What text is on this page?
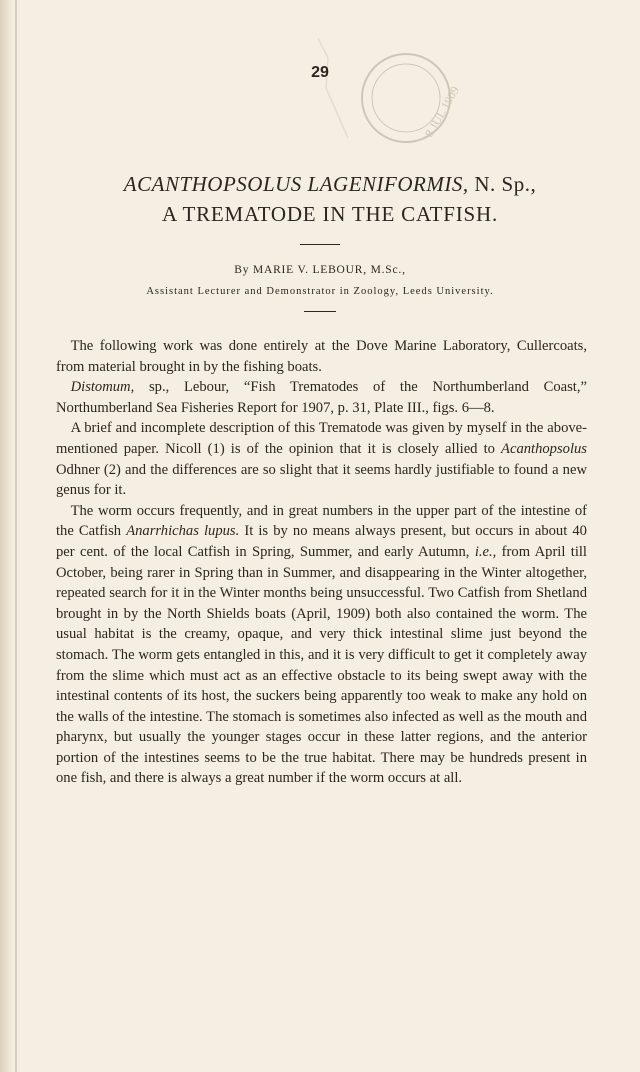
8 JUL 1909
29
ACANTHOPSOLUS LAGENIFORMIS, N. Sp.,
A TREMATODE IN THE CATFISH.
By MARIE V. LEBOUR, M.Sc.,
Assistant Lecturer and Demonstrator in Zoology, Leeds University.

 The following work was done entirely at the Dove Marine Laboratory, Cullercoats, from material brought in by the fishing boats.

 Distomum, sp., Lebour, “Fish Trematodes of the Northumberland Coast,” Northumberland Sea Fisheries Report for 1907, p. 31, Plate III., figs. 6—8.

 A brief and incomplete description of this Trematode was given by myself in the above-mentioned paper. Nicoll (1) is of the opinion that it is closely allied to Acanthopsolus Odhner (2) and the differences are so slight that it seems hardly justifiable to found a new genus for it.

 The worm occurs frequently, and in great numbers in the upper part of the intestine of the Catfish Anarrhichas lupus. It is by no means always present, but occurs in about 40 per cent. of the local Catfish in Spring, Summer, and early Autumn, i.e., from April till October, being rarer in Spring than in Summer, and disappearing in the Winter altogether, repeated search for it in the Winter months being unsuccessful. Two Catfish from Shetland brought in by the North Shields boats (April, 1909) both also contained the worm. The usual habitat is the creamy, opaque, and very thick intestinal slime just beyond the stomach. The worm gets entangled in this, and it is very difficult to get it completely away from the slime which must act as an effective obstacle to its being swept away with the intestinal contents of its host, the suckers being apparently too weak to make any hold on the walls of the intestine. The stomach is sometimes also infected as well as the mouth and pharynx, but usually the younger stages occur in these latter regions, and the anterior portion of the intestines seems to be the true habitat. There may be hundreds present in one fish, and there is always a great number if the worm occurs at all.
